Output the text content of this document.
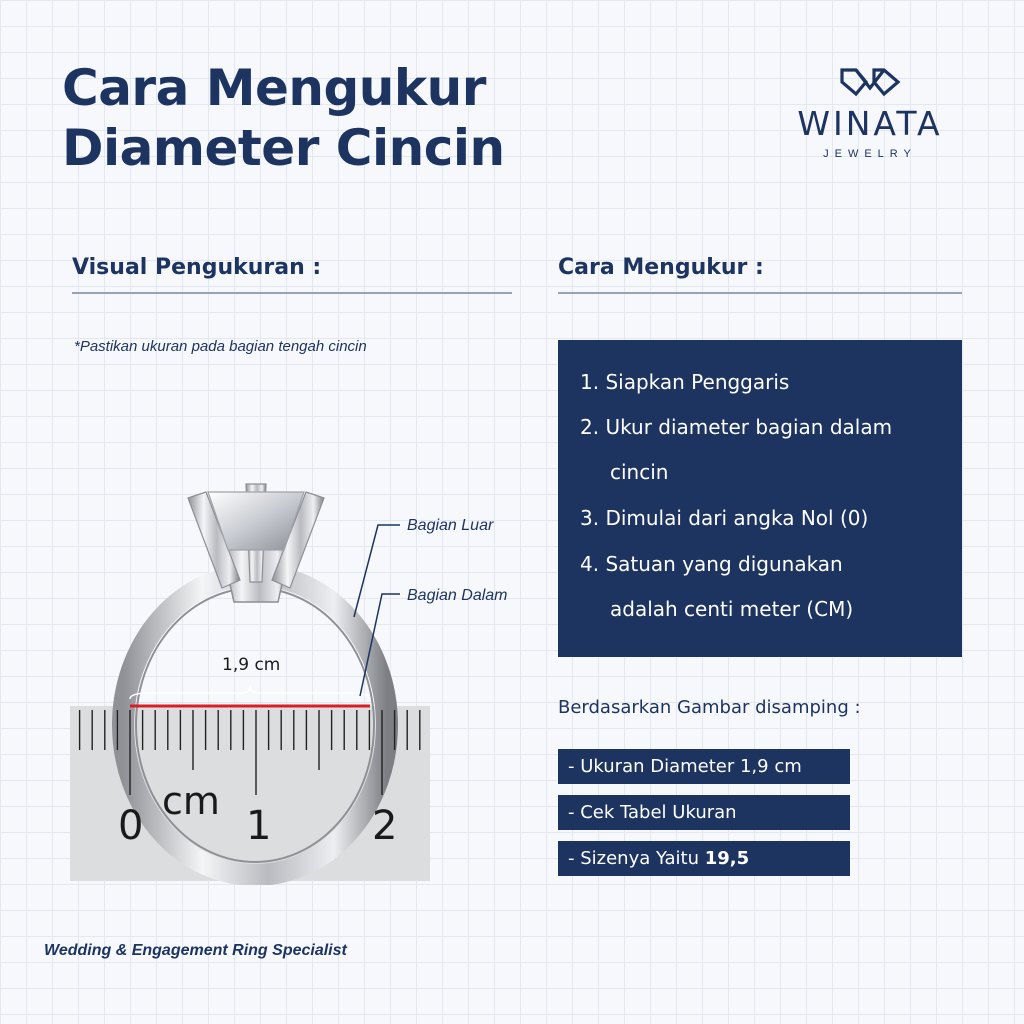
Cara Mengukur
Diameter Cincin	WINATA
JEWELRY
Visual Pengukuran :	Cara Mengukur :
*Pastikan ukuran pada bagian tengah cincin
0	1	2
cm
1,9 cm
Bagian Luar
Bagian Dalam
1. Siapkan Penggaris
2. Ukur diameter bagian dalam
cincin
3. Dimulai dari angka Nol (0)
4. Satuan yang digunakan
adalah centi meter (CM)
Berdasarkan Gambar disamping :
- Ukuran Diameter 1,9 cm
- Cek Tabel Ukuran
- Sizenya Yaitu 19,5
Wedding & Engagement Ring Specialist
